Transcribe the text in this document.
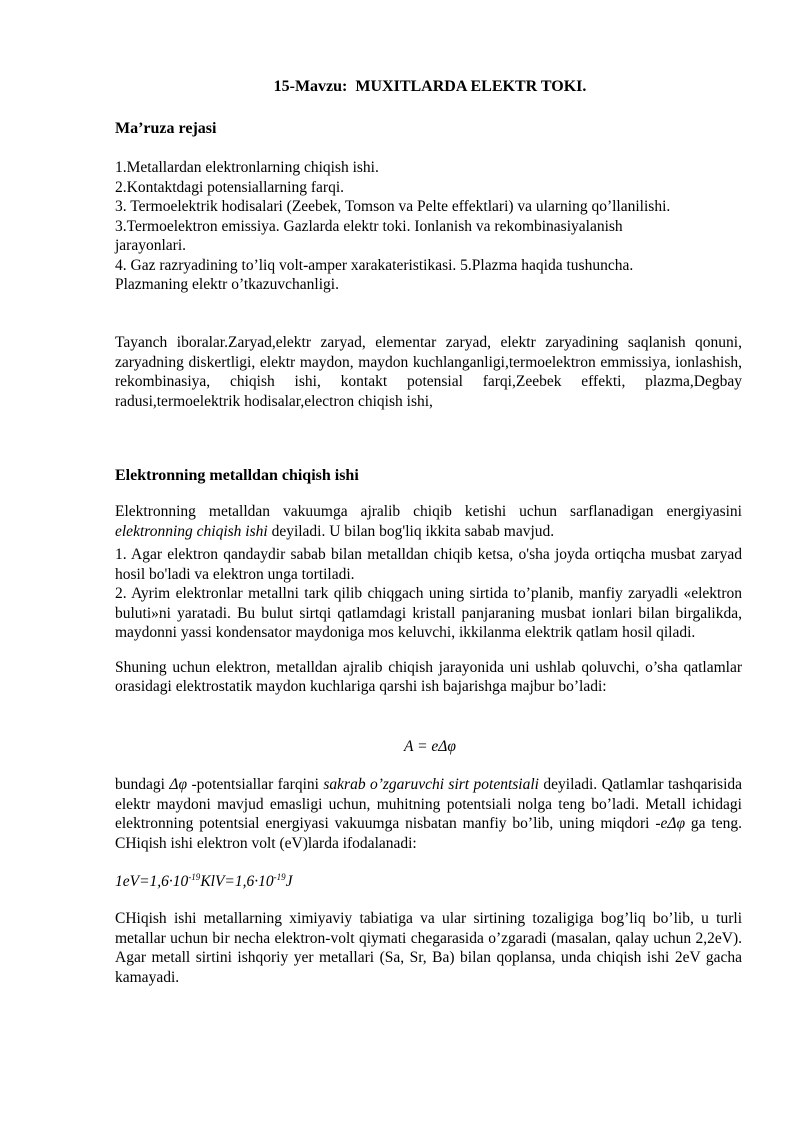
15-Mavzu: MUXITLARDA ELEKTR TOKI.
Ma’ruza rejasi
1.Metallardan elektronlarning chiqish ishi.
2.Kontaktdagi potensiallarning farqi.
3. Termoelektrik hodisalari (Zeebek, Tomson va Pelte effektlari) va ularning qo’llanilishi.
3.Termoelektron emissiya. Gazlarda elektr toki. Ionlanish va rekombinasiyalanish
jarayonlari.
4. Gaz razryadining to’liq volt-amper xarakateristikasi. 5.Plazma haqida tushuncha.
Plazmaning elektr o’tkazuvchanligi.

Tayanch iboralar.Zaryad,elektr zaryad, elementar zaryad, elektr zaryadining saqlanish qonuni, zaryadning diskertligi, elektr maydon, maydon kuchlanganligi,termoelektron emmissiya, ionlashish, rekombinasiya, chiqish ishi, kontakt potensial farqi,Zeebek effekti, plazma,Degbay radusi,termoelektrik hodisalar,electron chiqish ishi,

Elektronning metalldan chiqish ishi

Elektronning metalldan vakuumga ajralib chiqib ketishi uchun sarflanadigan energiyasini elektronning chiqish ishi deyiladi. U bilan bog'liq ikkita sabab mavjud.

1. Agar elektron qandaydir sabab bilan metalldan chiqib ketsa, o'sha joyda ortiqcha musbat zaryad hosil bo'ladi va elektron unga tortiladi.

2. Ayrim elektronlar metallni tark qilib chiqgach uning sirtida to’planib, manfiy zaryadli «elektron buluti»ni yaratadi. Bu bulut sirtqi qatlamdagi kristall panjaraning musbat ionlari bilan birgalikda, maydonni yassi kondensator maydoniga mos keluvchi, ikkilanma elektrik qatlam hosil qiladi.

Shuning uchun elektron, metalldan ajralib chiqish jarayonida uni ushlab qoluvchi, o’sha qatlamlar orasidagi elektrostatik maydon kuchlariga qarshi ish bajarishga majbur bo’ladi:

A = eΔφ

bundagi Δφ -potentsiallar farqini sakrab o’zgaruvchi sirt potentsiali deyiladi. Qatlamlar tashqarisida elektr maydoni mavjud emasligi uchun, muhitning potentsiali nolga teng bo’ladi. Metall ichidagi elektronning potentsial energiyasi vakuumga nisbatan manfiy bo’lib, uning miqdori -eΔφ ga teng. CHiqish ishi elektron volt (eV)larda ifodalanadi:

$1eV=1,6\cdot 10^{-19}KlV=1,6\cdot 10^{-19}J$

CHiqish ishi metallarning ximiyaviy tabiatiga va ular sirtining tozaligiga bog’liq bo’lib, u turli metallar uchun bir necha elektron-volt qiymati chegarasida o’zgaradi (masalan, qalay uchun 2,2eV). Agar metall sirtini ishqoriy yer metallari (Sa, Sr, Ba) bilan qoplansa, unda chiqish ishi 2eV gacha kamayadi.
